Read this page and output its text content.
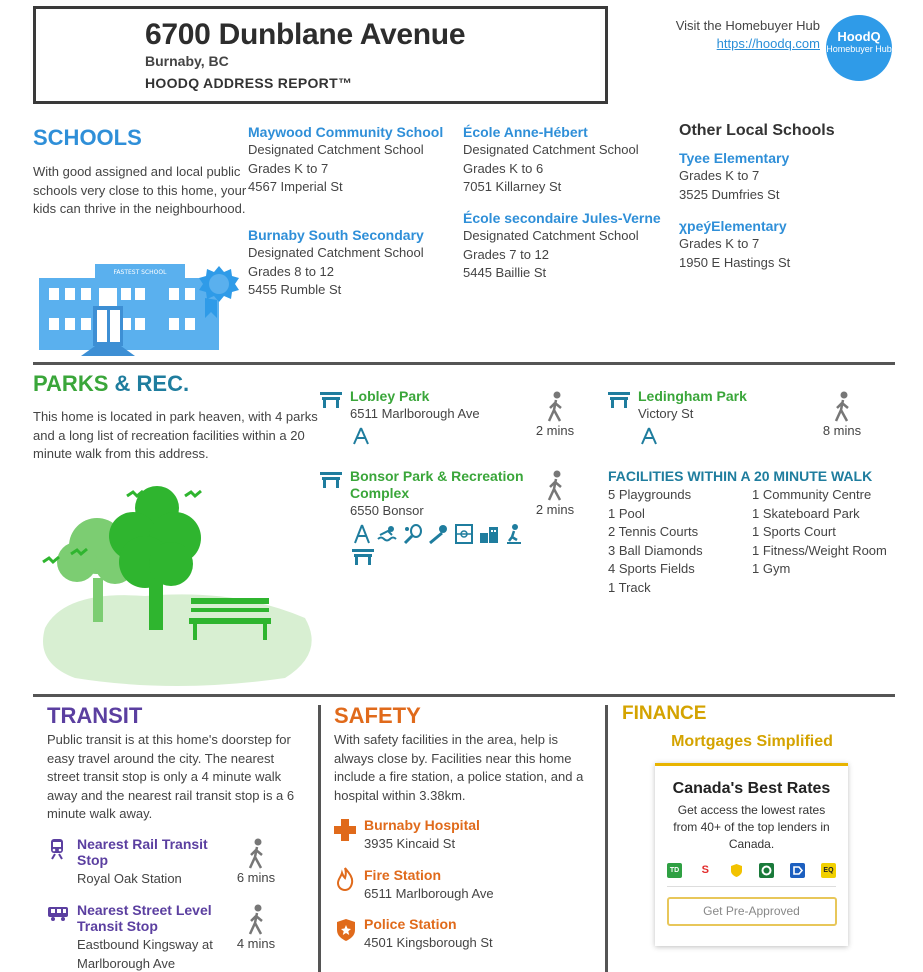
6700 Dunblane Avenue
Burnaby, BC
HOODQ ADDRESS REPORT™
Visit the Homebuyer Hub
https://hoodq.com	HoodQ
Homebuyer Hub
SCHOOLS
With good assigned and local public schools very close to this home, your kids can thrive in the neighbourhood.
FASTEST SCHOOL
Maywood Community School
Designated Catchment School
Grades K to 7
4567 Imperial St
Burnaby South Secondary
Designated Catchment School
Grades 8 to 12
5455 Rumble St
École Anne-Hébert
Designated Catchment School
Grades K to 6
7051 Killarney St
École secondaire Jules-Verne
Designated Catchment School
Grades 7 to 12
5445 Baillie St
Other Local Schools
Tyee Elementary
Grades K to 7
3525 Dumfries St
χpeýElementary
Grades K to 7
1950 E Hastings St
PARKS & REC.
This home is located in park heaven, with 4 parks and a long list of recreation facilities within a 20 minute walk from this address.
Lobley Park
6511 Marlborough Ave
2 mins
Ledingham Park
Victory St
8 mins
Bonsor Park & Recreation Complex
6550 Bonsor	2 mins
FACILITIES WITHIN A 20 MINUTE WALK
5 Playgrounds
1 Pool
2 Tennis Courts
3 Ball Diamonds
4 Sports Fields
1 Track
1 Community Centre
1 Skateboard Park
1 Sports Court
1 Fitness/Weight Room
1 Gym
TRANSIT
Public transit is at this home's doorstep for easy travel around the city. The nearest street transit stop is only a 4 minute walk away and the nearest rail transit stop is a 6 minute walk away.
Nearest Rail Transit Stop
Royal Oak Station	6 mins
Nearest Street Level Transit Stop
Eastbound Kingsway at Marlborough Ave
4 mins
SAFETY
With safety facilities in the area, help is always close by. Facilities near this home include a fire station, a police station, and a hospital within 3.38km.
Burnaby Hospital
3935 Kincaid St
Fire Station
6511 Marlborough Ave
Police Station
4501 Kingsborough St
FINANCE
Mortgages Simplified
Canada's Best Rates
Get access the lowest rates from 40+ of the top lenders in Canada.
TD	S	EQ
Get Pre-Approved
